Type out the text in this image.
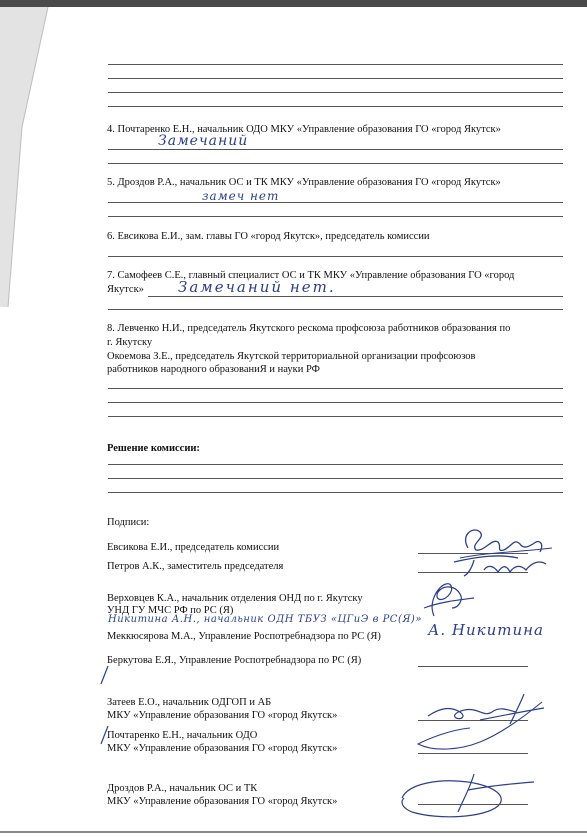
4. Почтаренко Е.Н., начальник ОДО МКУ «Управление образования ГО «город Якутск»
Замечаний
5. Дроздов Р.А., начальник ОС и ТК МКУ «Управление образования ГО «город Якутск»
замеч нет
6. Евсикова Е.И., зам. главы ГО «город Якутск», председатель комиссии
7. Самофеев С.Е., главный специалист ОС и ТК МКУ «Управление образования ГО «город
Якутск» Замечаний нет.
8. Левченко Н.И., председатель Якутского рескома профсоюза работников образования по
г. Якутску
Окоемова З.Е., председатель Якутской территориальной организации профсоюзов
работников народного образованиЯ и науки РФ
Решение комиссии:
Подписи:
Евсикова Е.И., председатель комиссии
Петров А.К., заместитель председателя
Верховцев К.А., начальник отделения ОНД по г. Якутску
УНД ГУ МЧС РФ по РС (Я)
Никитина А.Н., начальник ОДН ТБУЗ «ЦГиЭ в РС(Я)»
А. Никитина
Меккюсярова М.А., Управление Роспотребнадзора по РС (Я)
Беркутова Е.Я., Управление Роспотребнадзора по РС (Я)
Затеев Е.О., начальник ОДГОП и АБ
МКУ «Управление образования ГО «город Якутск»
Почтаренко Е.Н., начальник ОДО
МКУ «Управление образования ГО «город Якутск»
Дроздов Р.А., начальник ОС и ТК
МКУ «Управление образования ГО «город Якутск»
